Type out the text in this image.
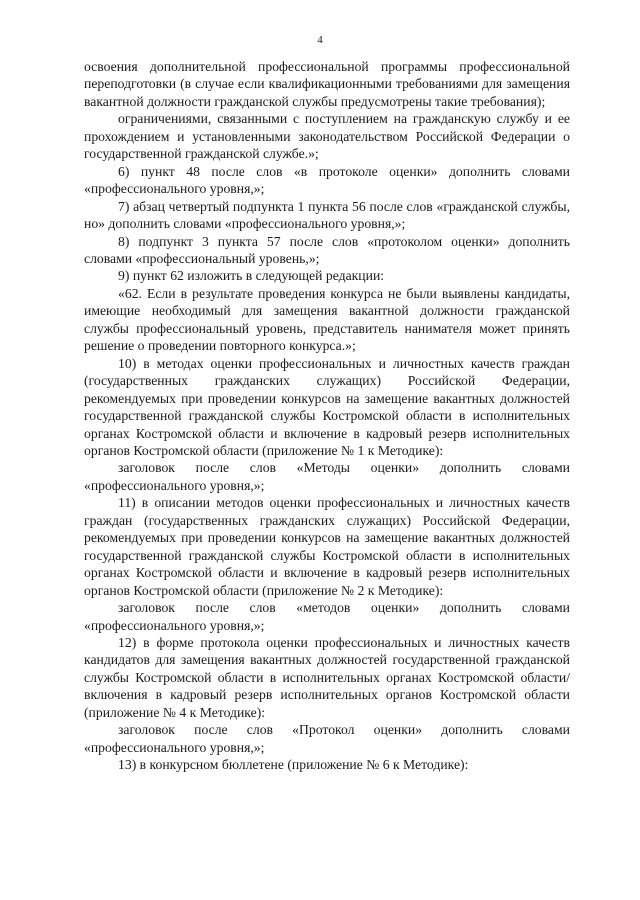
4

освоения дополнительной профессиональной программы профессиональной переподготовки (в случае если квалификационными требованиями для замещения вакантной должности гражданской службы предусмотрены такие требования);

ограничениями, связанными с поступлением на гражданскую службу и ее прохождением и установленными законодательством Российской Федерации о государственной гражданской службе.»;

6) пункт 48 после слов «в протоколе оценки» дополнить словами «профессионального уровня,»;

7) абзац четвертый подпункта 1 пункта 56 после слов «гражданской службы, но» дополнить словами «профессионального уровня,»;

8) подпункт 3 пункта 57 после слов «протоколом оценки» дополнить словами «профессиональный уровень,»;

9) пункт 62 изложить в следующей редакции:

«62. Если в результате проведения конкурса не были выявлены кандидаты, имеющие необходимый для замещения вакантной должности гражданской службы профессиональный уровень, представитель нанимателя может принять решение о проведении повторного конкурса.»;

10) в методах оценки профессиональных и личностных качеств граждан (государственных гражданских служащих) Российской Федерации, рекомендуемых при проведении конкурсов на замещение вакантных должностей государственной гражданской службы Костромской области в исполнительных органах Костромской области и включение в кадровый резерв исполнительных органов Костромской области (приложение № 1 к Методике):

заголовок после слов «Методы оценки» дополнить словами «профессионального уровня,»;

11) в описании методов оценки профессиональных и личностных качеств граждан (государственных гражданских служащих) Российской Федерации, рекомендуемых при проведении конкурсов на замещение вакантных должностей государственной гражданской службы Костромской области в исполнительных органах Костромской области и включение в кадровый резерв исполнительных органов Костромской области (приложение № 2 к Методике):

заголовок после слов «методов оценки» дополнить словами «профессионального уровня,»;

12) в форме протокола оценки профессиональных и личностных качеств кандидатов для замещения вакантных должностей государственной гражданской службы Костромской области в исполнительных органах Костромской области/включения в кадровый резерв исполнительных органов Костромской области (приложение № 4 к Методике):

заголовок после слов «Протокол оценки» дополнить словами «профессионального уровня,»;

13) в конкурсном бюллетене (приложение № 6 к Методике):
